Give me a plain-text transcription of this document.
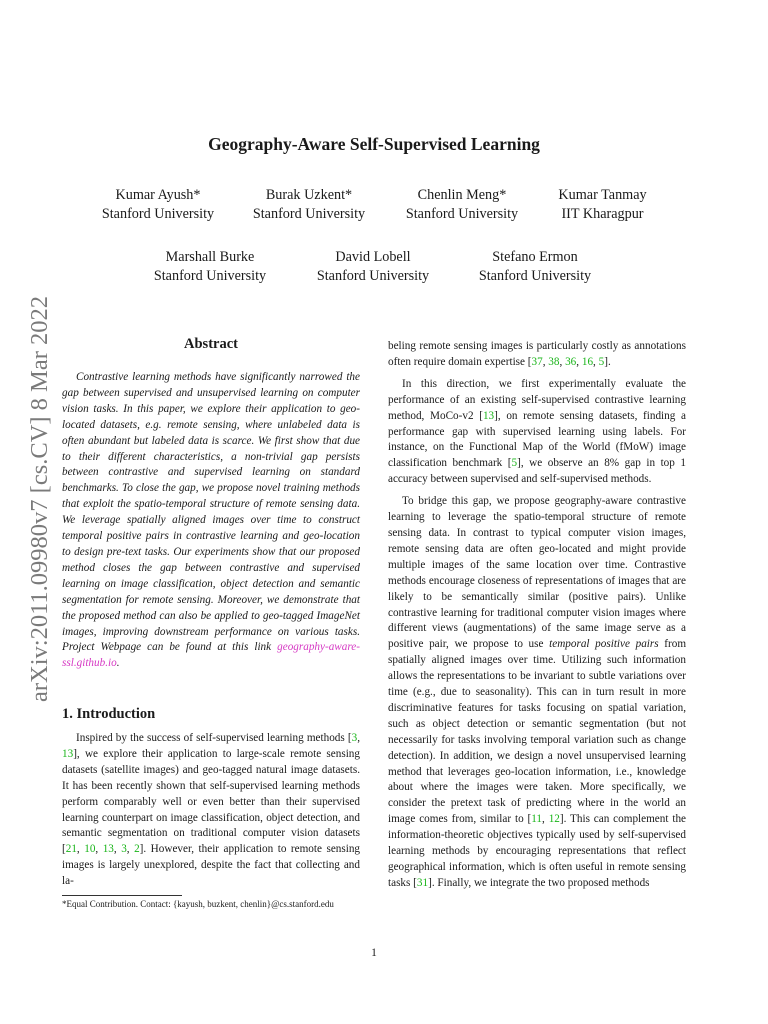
arXiv:2011.09980v7 [cs.CV] 8 Mar 2022
Geography-Aware Self-Supervised Learning
Kumar Ayush*
Stanford University
Burak Uzkent*
Stanford University
Chenlin Meng*
Stanford University
Kumar Tanmay
IIT Kharagpur
Marshall Burke
Stanford University
David Lobell
Stanford University
Stefano Ermon
Stanford University
Abstract
Contrastive learning methods have significantly narrowed the gap between supervised and unsupervised learning on computer vision tasks. In this paper, we explore their application to geo-located datasets, e.g. remote sensing, where unlabeled data is often abundant but labeled data is scarce. We first show that due to their different characteristics, a non-trivial gap persists between contrastive and supervised learning on standard benchmarks. To close the gap, we propose novel training methods that exploit the spatio-temporal structure of remote sensing data. We leverage spatially aligned images over time to construct temporal positive pairs in contrastive learning and geo-location to design pre-text tasks. Our experiments show that our proposed method closes the gap between contrastive and supervised learning on image classification, object detection and semantic segmentation for remote sensing. Moreover, we demonstrate that the proposed method can also be applied to geo-tagged ImageNet images, improving downstream performance on various tasks. Project Webpage can be found at this link geography-aware-ssl.github.io.
1. Introduction
Inspired by the success of self-supervised learning methods [3, 13], we explore their application to large-scale remote sensing datasets (satellite images) and geo-tagged natural image datasets. It has been recently shown that self-supervised learning methods perform comparably well or even better than their supervised learning counterpart on image classification, object detection, and semantic segmentation on traditional computer vision datasets [21, 10, 13, 3, 2]. However, their application to remote sensing images is largely unexplored, despite the fact that collecting and la-
*Equal Contribution. Contact: {kayush, buzkent, chenlin}@cs.stanford.edu

beling remote sensing images is particularly costly as annotations often require domain expertise [37, 38, 36, 16, 5].

In this direction, we first experimentally evaluate the performance of an existing self-supervised contrastive learning method, MoCo-v2 [13], on remote sensing datasets, finding a performance gap with supervised learning using labels. For instance, on the Functional Map of the World (fMoW) image classification benchmark [5], we observe an 8% gap in top 1 accuracy between supervised and self-supervised methods.

To bridge this gap, we propose geography-aware contrastive learning to leverage the spatio-temporal structure of remote sensing data. In contrast to typical computer vision images, remote sensing data are often geo-located and might provide multiple images of the same location over time. Contrastive methods encourage closeness of representations of images that are likely to be semantically similar (positive pairs). Unlike contrastive learning for traditional computer vision images where different views (augmentations) of the same image serve as a positive pair, we propose to use temporal positive pairs from spatially aligned images over time. Utilizing such information allows the representations to be invariant to subtle variations over time (e.g., due to seasonality). This can in turn result in more discriminative features for tasks focusing on spatial variation, such as object detection or semantic segmentation (but not necessarily for tasks involving temporal variation such as change detection). In addition, we design a novel unsupervised learning method that leverages geo-location information, i.e., knowledge about where the images were taken. More specifically, we consider the pretext task of predicting where in the world an image comes from, similar to [11, 12]. This can complement the information-theoretic objectives typically used by self-supervised learning methods by encouraging representations that reflect geographical information, which is often useful in remote sensing tasks [31]. Finally, we integrate the two proposed methods

1
